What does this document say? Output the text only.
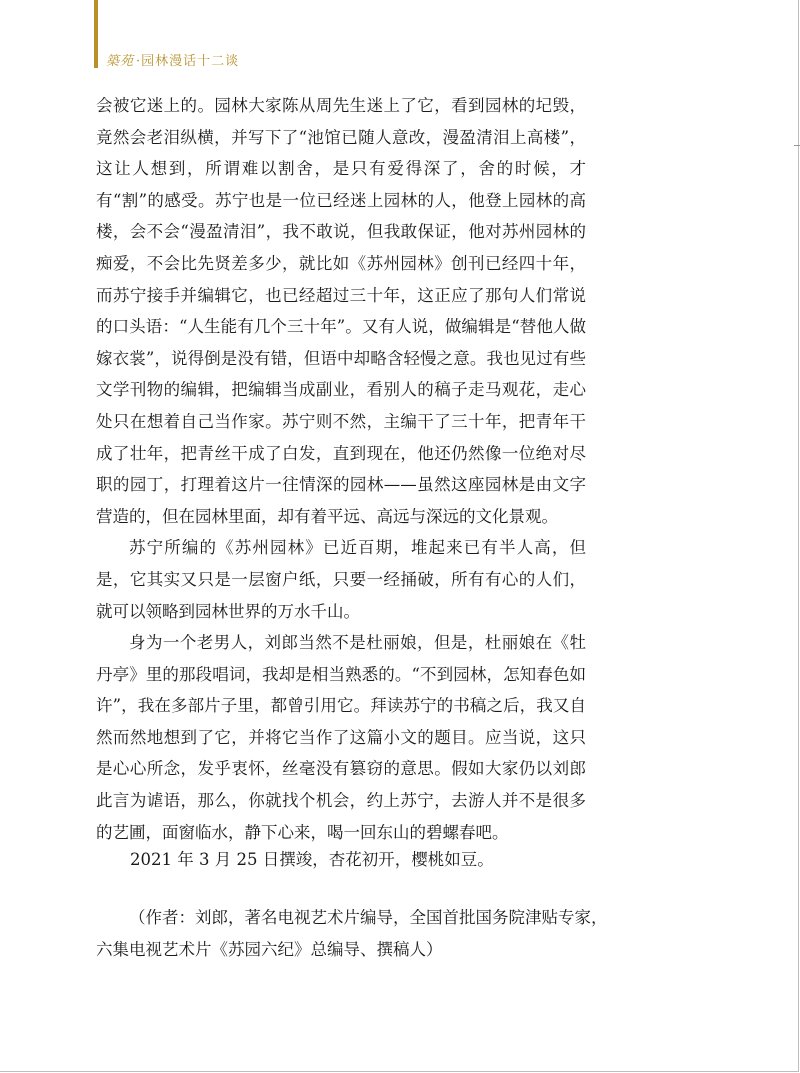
築苑 ·园林漫话十二谈

会被它迷上的。园林大家陈从周先生迷上了它，看到园林的圮毁，竟然会老泪纵横，并写下了“池馆已随人意改，漫盈清泪上高楼”，这让人想到，所谓难以割舍，是只有爱得深了，舍的时候，才有“割”的感受。苏宁也是一位已经迷上园林的人，他登上园林的高楼，会不会“漫盈清泪”，我不敢说，但我敢保证，他对苏州园林的痴爱，不会比先贤差多少，就比如《苏州园林》创刊已经四十年，而苏宁接手并编辑它，也已经超过三十年，这正应了那句人们常说的口头语：“人生能有几个三十年”。又有人说，做编辑是“替他人做嫁衣裳”，说得倒是没有错，但语中却略含轻慢之意。我也见过有些文学刊物的编辑，把编辑当成副业，看别人的稿子走马观花，走心处只在想着自己当作家。苏宁则不然，主编干了三十年，把青年干成了壮年，把青丝干成了白发，直到现在，他还仍然像一位绝对尽职的园丁，打理着这片一往情深的园林——虽然这座园林是由文字营造的，但在园林里面，却有着平远、高远与深远的文化景观。

苏宁所编的《苏州园林》已近百期，堆起来已有半人高，但是，它其实又只是一层窗户纸，只要一经捅破，所有有心的人们，就可以领略到园林世界的万水千山。

身为一个老男人，刘郎当然不是杜丽娘，但是，杜丽娘在《牡丹亭》里的那段唱词，我却是相当熟悉的。“不到园林，怎知春色如许”，我在多部片子里，都曾引用它。拜读苏宁的书稿之后，我又自然而然地想到了它，并将它当作了这篇小文的题目。应当说，这只是心心所念，发乎衷怀，丝毫没有篡窃的意思。假如大家仍以刘郎此言为谑语，那么，你就找个机会，约上苏宁，去游人并不是很多的艺圃，面窗临水，静下心来，喝一回东山的碧螺春吧。

2021 年 3 月 25 日撰竣，杏花初开，樱桃如豆。
（作者：刘郎，著名电视艺术片编导，全国首批国务院津贴专家，
六集电视艺术片《苏园六纪》总编导、撰稿人）
